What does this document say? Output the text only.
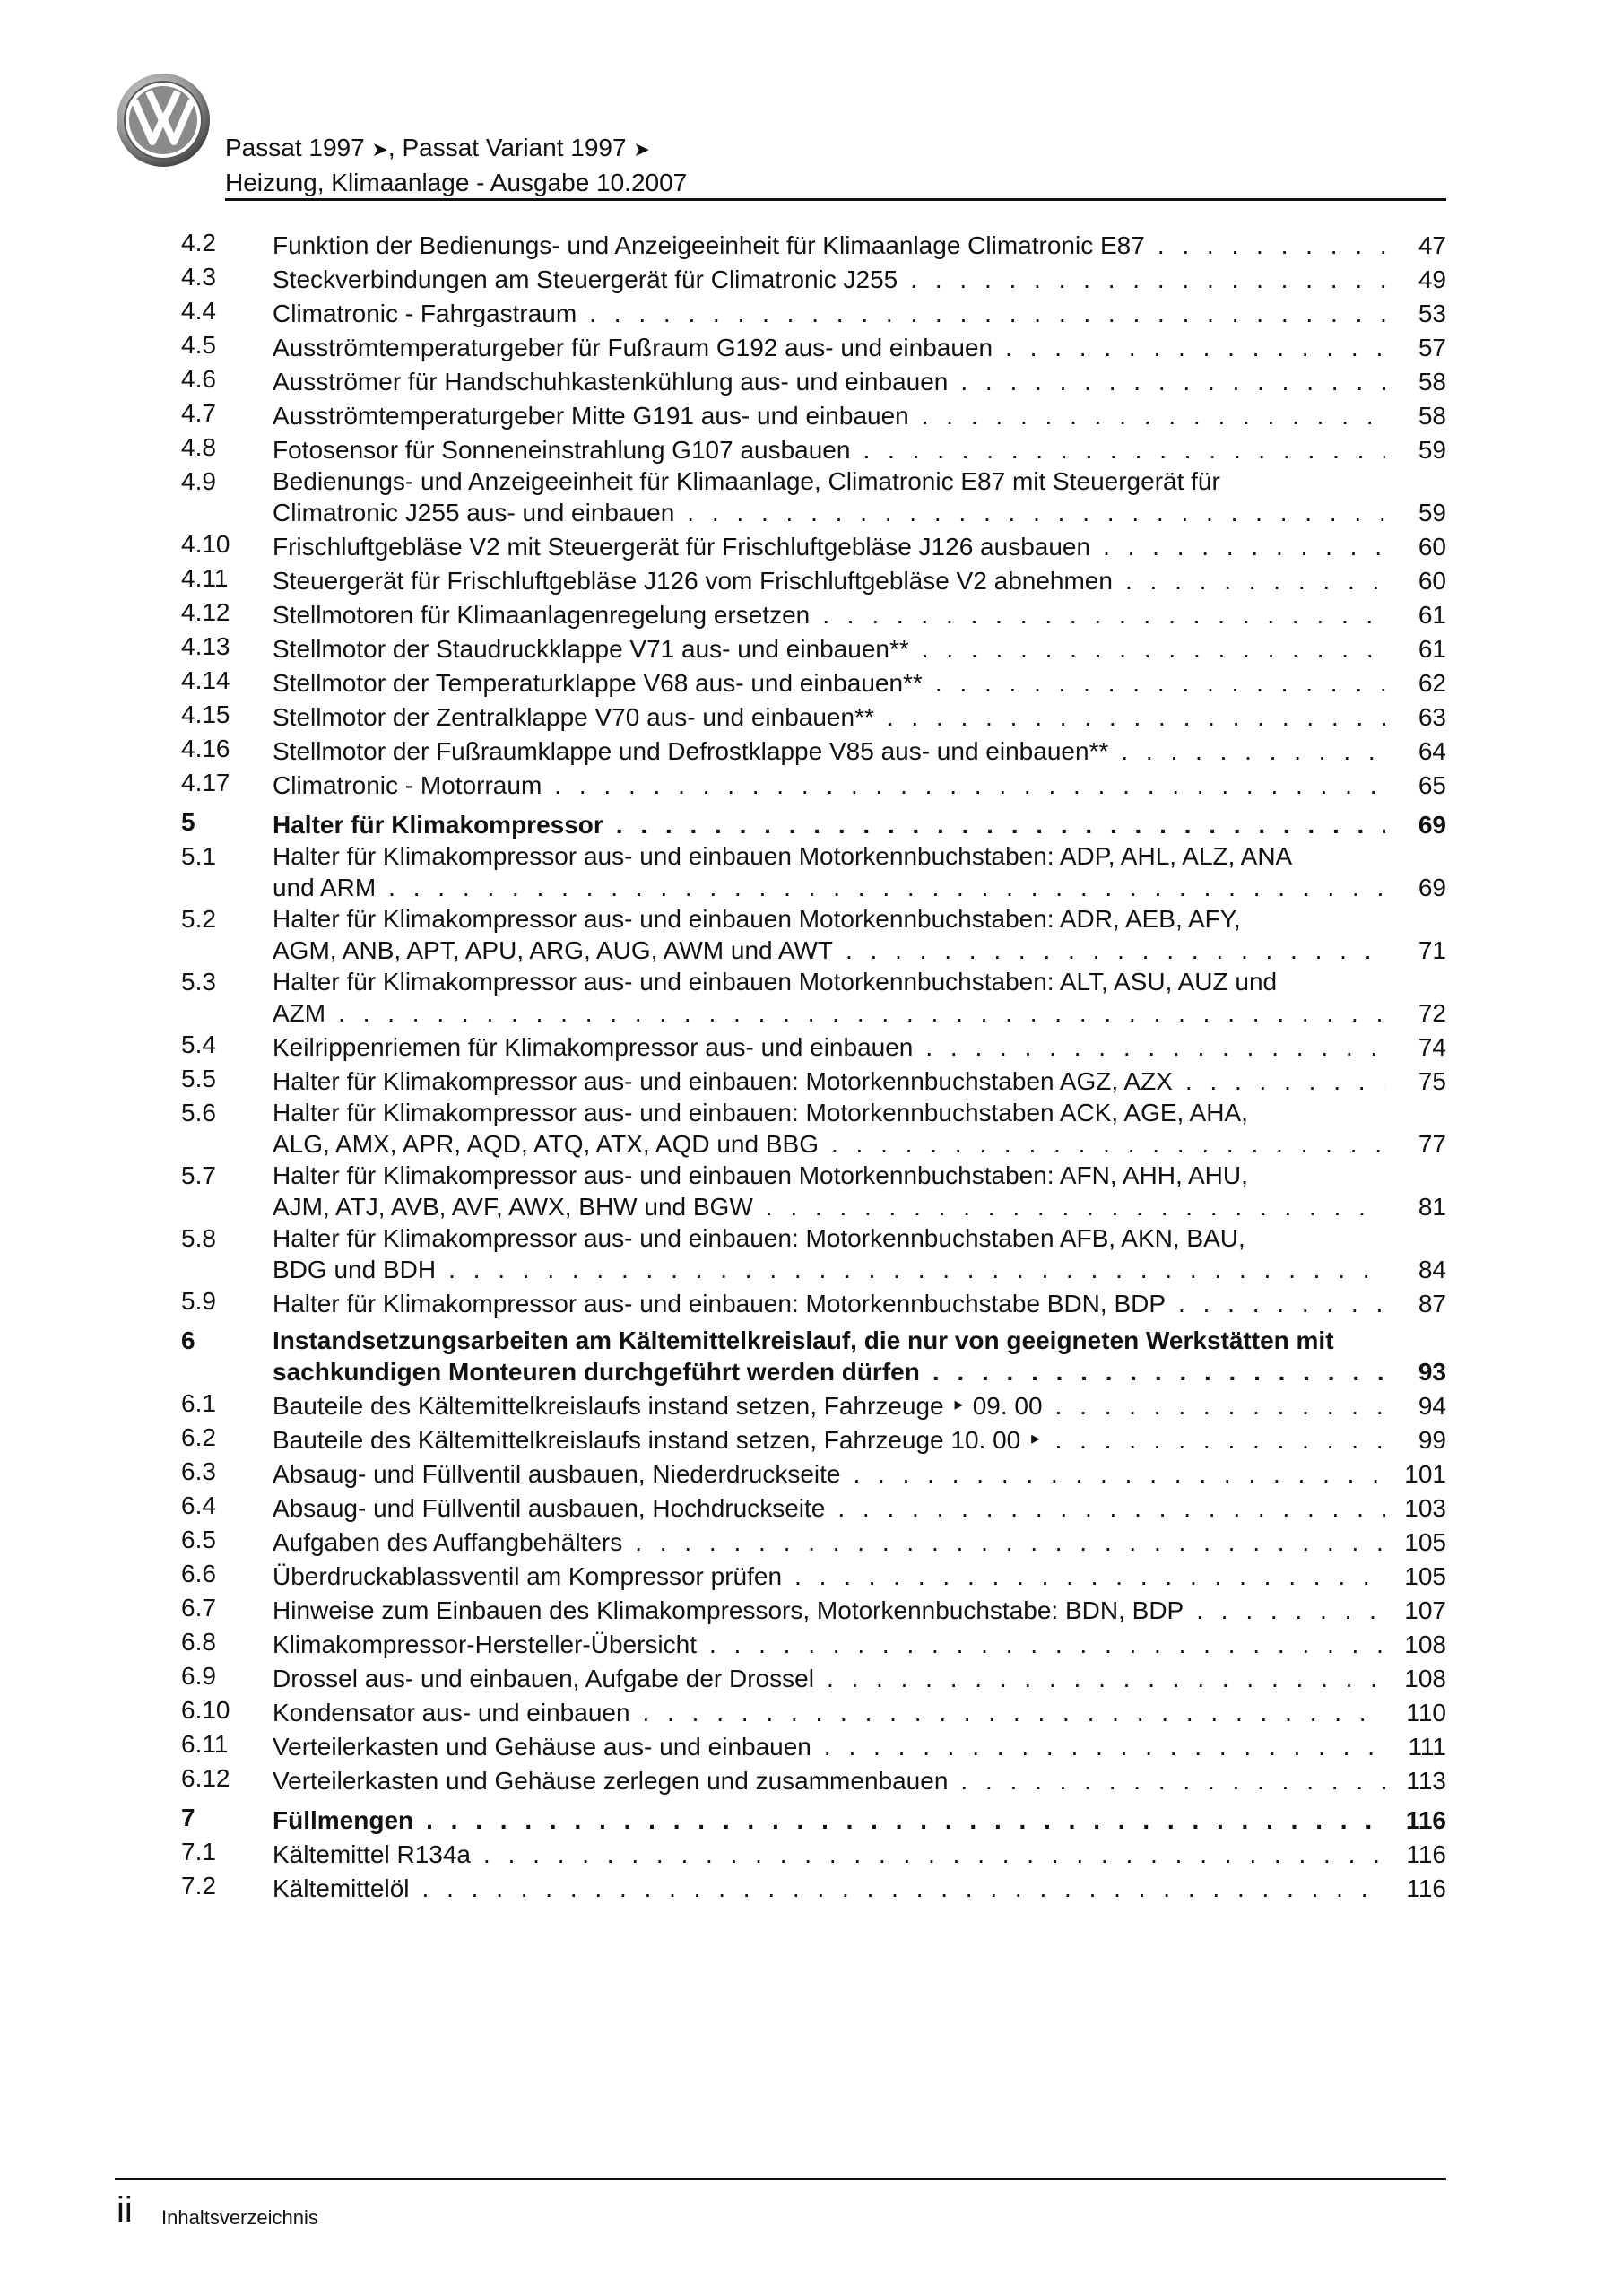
Passat 1997 ➤, Passat Variant 1997 ➤
Heizung, Klimaanlage - Ausgabe 10.2007
4.2	Funktion der Bedienungs- und Anzeigeeinheit für Klimaanlage Climatronic E87 . . .	47
4.3	Steckverbindungen am Steuergerät für Climatronic J255 . . .	49
4.4	Climatronic - Fahrgastraum . . .	53
4.5	Ausströmtemperaturgeber für Fußraum G192 aus- und einbauen . . .	57
4.6	Ausströmer für Handschuhkastenkühlung aus- und einbauen . . .	58
4.7	Ausströmtemperaturgeber Mitte G191 aus- und einbauen . . .	58
4.8	Fotosensor für Sonneneinstrahlung G107 ausbauen . . .	59
4.9	Bedienungs- und Anzeigeeinheit für Klimaanlage, Climatronic E87 mit Steuergerät für
Climatronic J255 aus- und einbauen . . .	59
4.10	Frischluftgebläse V2 mit Steuergerät für Frischluftgebläse J126 ausbauen . . .	60
4.11	Steuergerät für Frischluftgebläse J126 vom Frischluftgebläse V2 abnehmen . . .	60
4.12	Stellmotoren für Klimaanlagenregelung ersetzen . . .	61
4.13	Stellmotor der Staudruckklappe V71 aus- und einbauen** . . .	61
4.14	Stellmotor der Temperaturklappe V68 aus- und einbauen** . . .	62
4.15	Stellmotor der Zentralklappe V70 aus- und einbauen** . . .	63
4.16	Stellmotor der Fußraumklappe und Defrostklappe V85 aus- und einbauen** . . .	64
4.17	Climatronic - Motorraum . . .	65
5	Halter für Klimakompressor . . .	69
5.1	Halter für Klimakompressor aus- und einbauen Motorkennbuchstaben: ADP, AHL, ALZ, ANA
und ARM . . .	69
5.2	Halter für Klimakompressor aus- und einbauen Motorkennbuchstaben: ADR, AEB, AFY,
AGM, ANB, APT, APU, ARG, AUG, AWM und AWT . . .	71
5.3	Halter für Klimakompressor aus- und einbauen Motorkennbuchstaben: ALT, ASU, AUZ und
AZM . . .	72
5.4	Keilrippenriemen für Klimakompressor aus- und einbauen . . .	74
5.5	Halter für Klimakompressor aus- und einbauen: Motorkennbuchstaben AGZ, AZX . . .	75
5.6	Halter für Klimakompressor aus- und einbauen: Motorkennbuchstaben ACK, AGE, AHA,
ALG, AMX, APR, AQD, ATQ, ATX, AQD und BBG . . .	77
5.7	Halter für Klimakompressor aus- und einbauen Motorkennbuchstaben: AFN, AHH, AHU,
AJM, ATJ, AVB, AVF, AWX, BHW und BGW . . .	81
5.8	Halter für Klimakompressor aus- und einbauen: Motorkennbuchstaben AFB, AKN, BAU,
BDG und BDH . . .	84
5.9	Halter für Klimakompressor aus- und einbauen: Motorkennbuchstabe BDN, BDP . . .	87
6	Instandsetzungsarbeiten am Kältemittelkreislauf, die nur von geeigneten Werkstätten mit
sachkundigen Monteuren durchgeführt werden dürfen . . .	93
6.1	Bauteile des Kältemittelkreislaufs instand setzen, Fahrzeuge ‣ 09. 00 . . .	94
6.2	Bauteile des Kältemittelkreislaufs instand setzen, Fahrzeuge 10. 00 ‣ . . .	99
6.3	Absaug- und Füllventil ausbauen, Niederdruckseite . . .	101
6.4	Absaug- und Füllventil ausbauen, Hochdruckseite . . .	103
6.5	Aufgaben des Auffangbehälters . . .	105
6.6	Überdruckablassventil am Kompressor prüfen . . .	105
6.7	Hinweise zum Einbauen des Klimakompressors, Motorkennbuchstabe: BDN, BDP . . .	107
6.8	Klimakompressor-Hersteller-Übersicht . . .	108
6.9	Drossel aus- und einbauen, Aufgabe der Drossel . . .	108
6.10	Kondensator aus- und einbauen . . .	110
6.11	Verteilerkasten und Gehäuse aus- und einbauen . . .	111
6.12	Verteilerkasten und Gehäuse zerlegen und zusammenbauen . . .	113
7	Füllmengen . . .	116
7.1	Kältemittel R134a . . .	116
7.2	Kältemittelöl . . .	116
ii Inhaltsverzeichnis
